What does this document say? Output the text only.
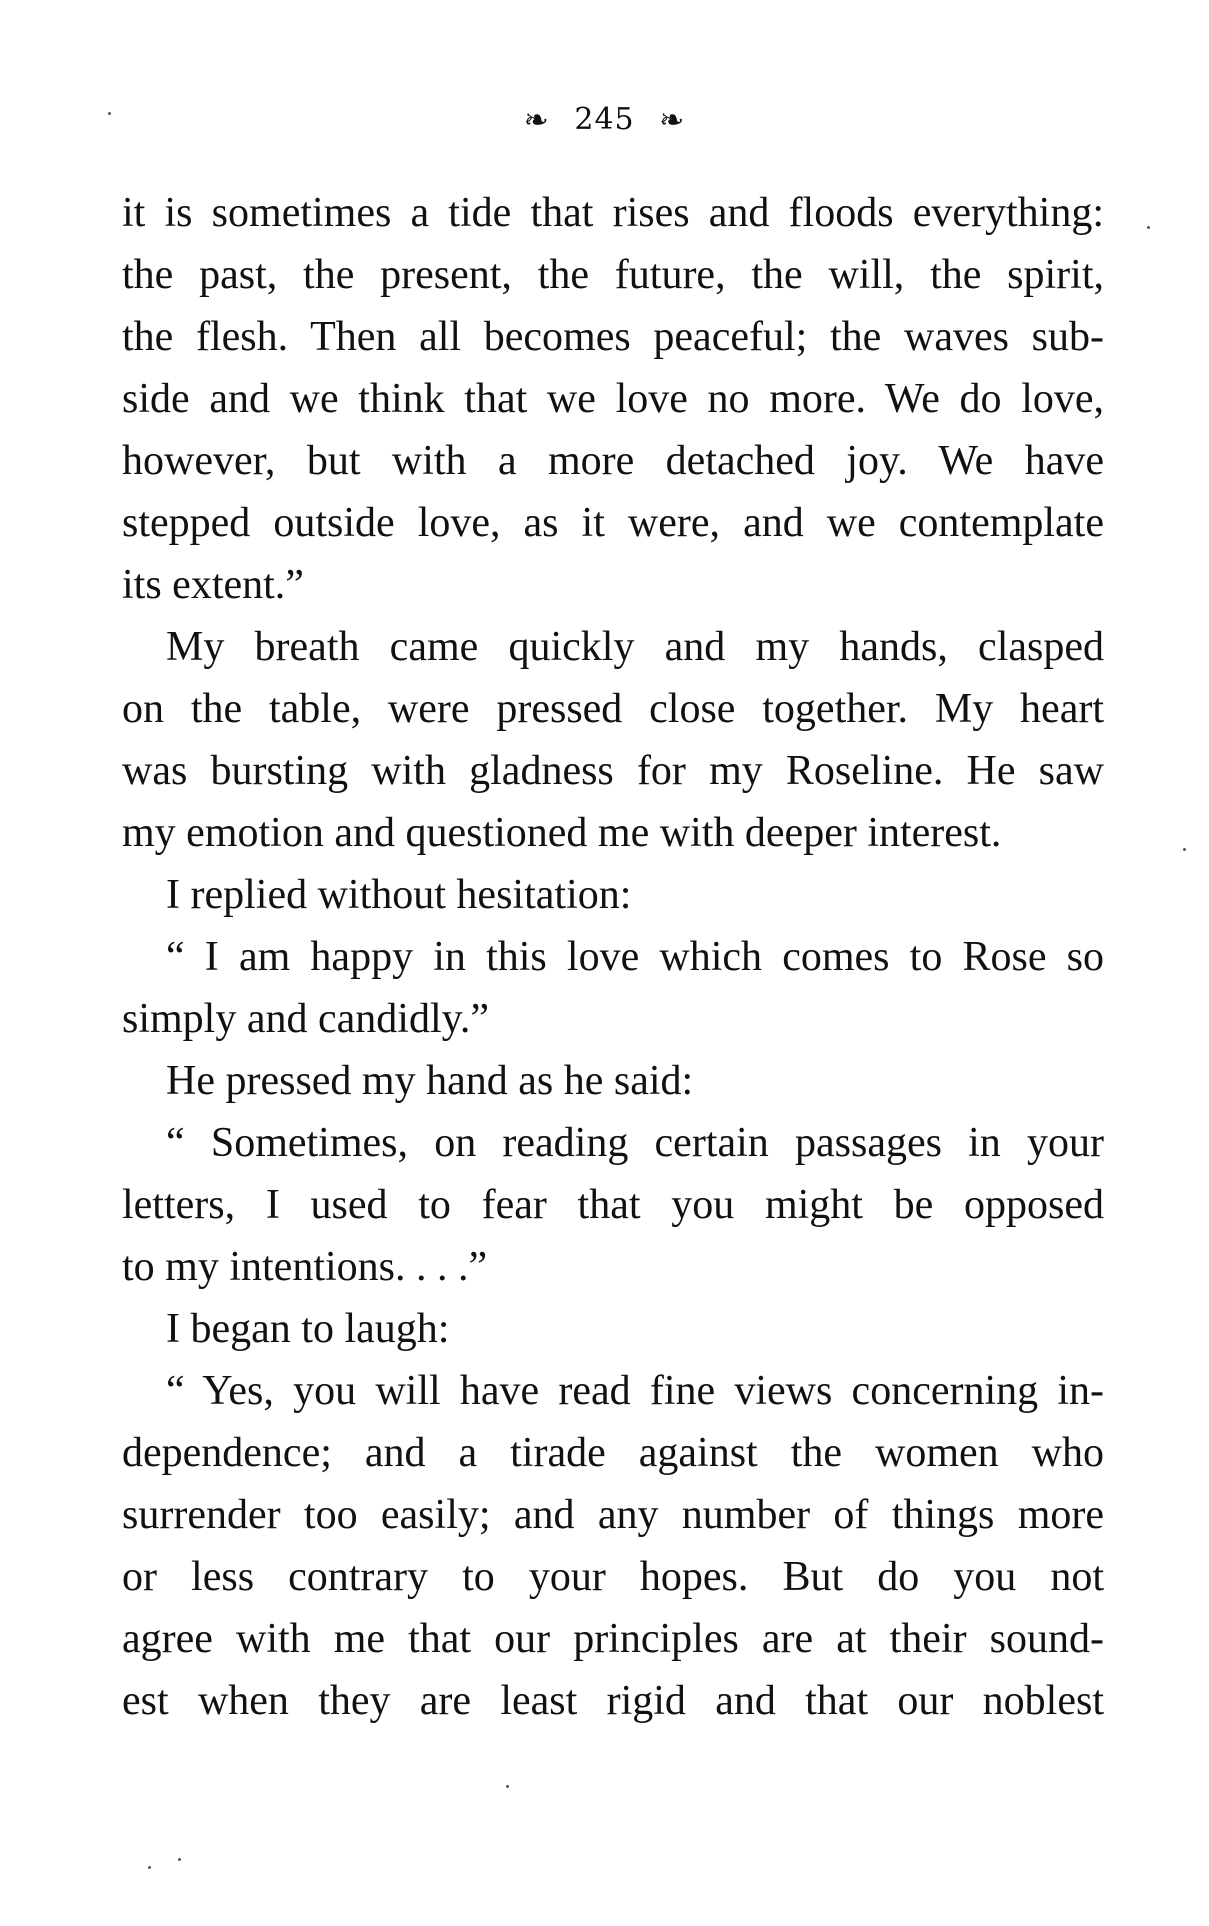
❧ 245 ❧
it is sometimes a tide that rises and floods everything:
the past, the present, the future, the will, the spirit,
the flesh. Then all becomes peaceful; the waves sub-
side and we think that we love no more. We do love,
however, but with a more detached joy. We have
stepped outside love, as it were, and we contemplate
its extent.”
My breath came quickly and my hands, clasped
on the table, were pressed close together. My heart
was bursting with gladness for my Roseline. He saw
my emotion and questioned me with deeper interest.
I replied without hesitation:
“ I am happy in this love which comes to Rose so
simply and candidly.”
He pressed my hand as he said:
“ Sometimes, on reading certain passages in your
letters, I used to fear that you might be opposed
to my intentions. . . .”
I began to laugh:
“ Yes, you will have read fine views concerning in-
dependence; and a tirade against the women who
surrender too easily; and any number of things more
or less contrary to your hopes. But do you not
agree with me that our principles are at their sound-
est when they are least rigid and that our noblest
